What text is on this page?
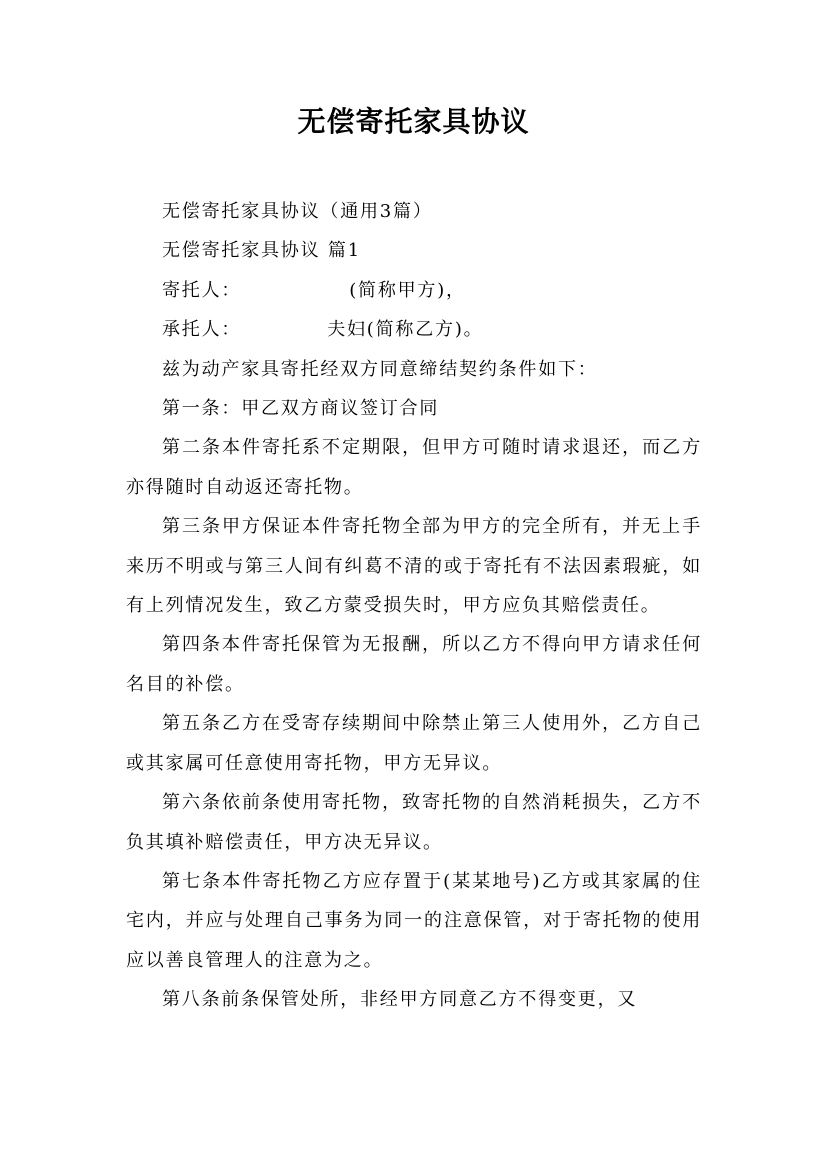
无偿寄托家具协议

无偿寄托家具协议（通用3篇）

无偿寄托家具协议 篇1

寄托人：	(简称甲方)，

承托人：	夫妇(简称乙方)。

兹为动产家具寄托经双方同意缔结契约条件如下：

第一条：甲乙双方商议签订合同

第二条本件寄托系不定期限，但甲方可随时请求退还，而乙方亦得随时自动返还寄托物。

第三条甲方保证本件寄托物全部为甲方的完全所有，并无上手来历不明或与第三人间有纠葛不清的或于寄托有不法因素瑕疵，如有上列情况发生，致乙方蒙受损失时，甲方应负其赔偿责任。

第四条本件寄托保管为无报酬，所以乙方不得向甲方请求任何名目的补偿。

第五条乙方在受寄存续期间中除禁止第三人使用外，乙方自己或其家属可任意使用寄托物，甲方无异议。

第六条依前条使用寄托物，致寄托物的自然消耗损失，乙方不负其填补赔偿责任，甲方决无异议。

第七条本件寄托物乙方应存置于(某某地号)乙方或其家属的住宅内，并应与处理自己事务为同一的注意保管，对于寄托物的使用应以善良管理人的注意为之。

第八条前条保管处所，非经甲方同意乙方不得变更，又
